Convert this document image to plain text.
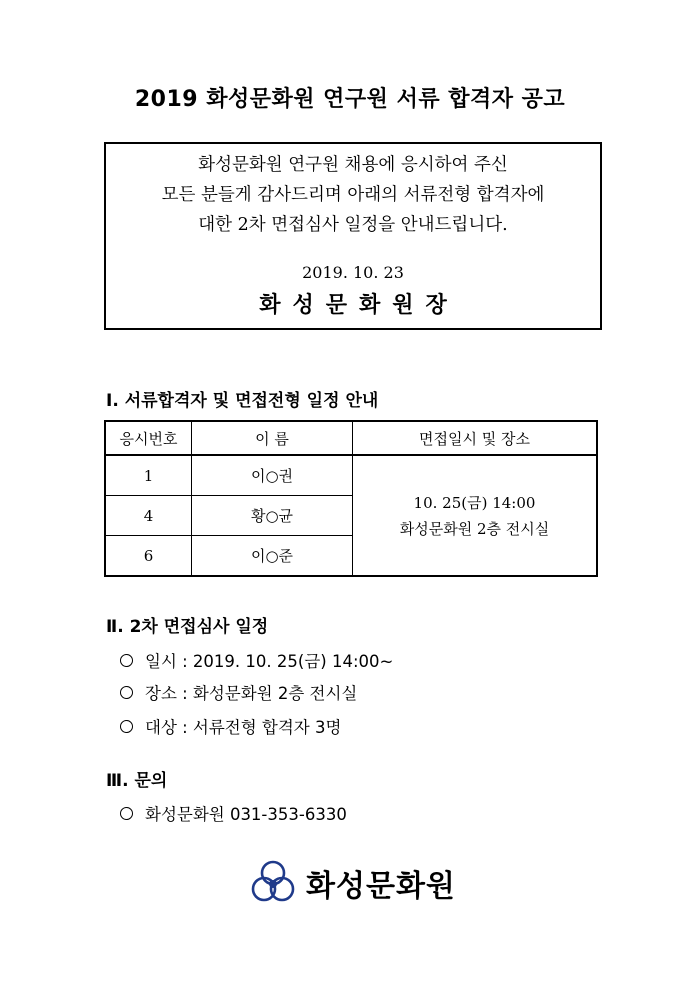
2019 화성문화원 연구원 서류 합격자 공고
화성문화원 연구원 채용에 응시하여 주신
모든 분들게 감사드리며 아래의 서류전형 합격자에
대한 2차 면접심사 일정을 안내드립니다.
2019. 10. 23
화성문화원장
Ⅰ. 서류합격자 및 면접전형 일정 안내
응시번호	이 름	면접일시 및 장소
1	이○권	10. 25(금) 14:00
화성문화원 2층 전시실

4	황○균	
6	이○준	
Ⅱ. 2차 면접심사 일정
일시 : 2019. 10. 25(금) 14:00~
장소 : 화성문화원 2층 전시실
대상 : 서류전형 합격자 3명
Ⅲ. 문의
화성문화원 031-353-6330
화성문화원
